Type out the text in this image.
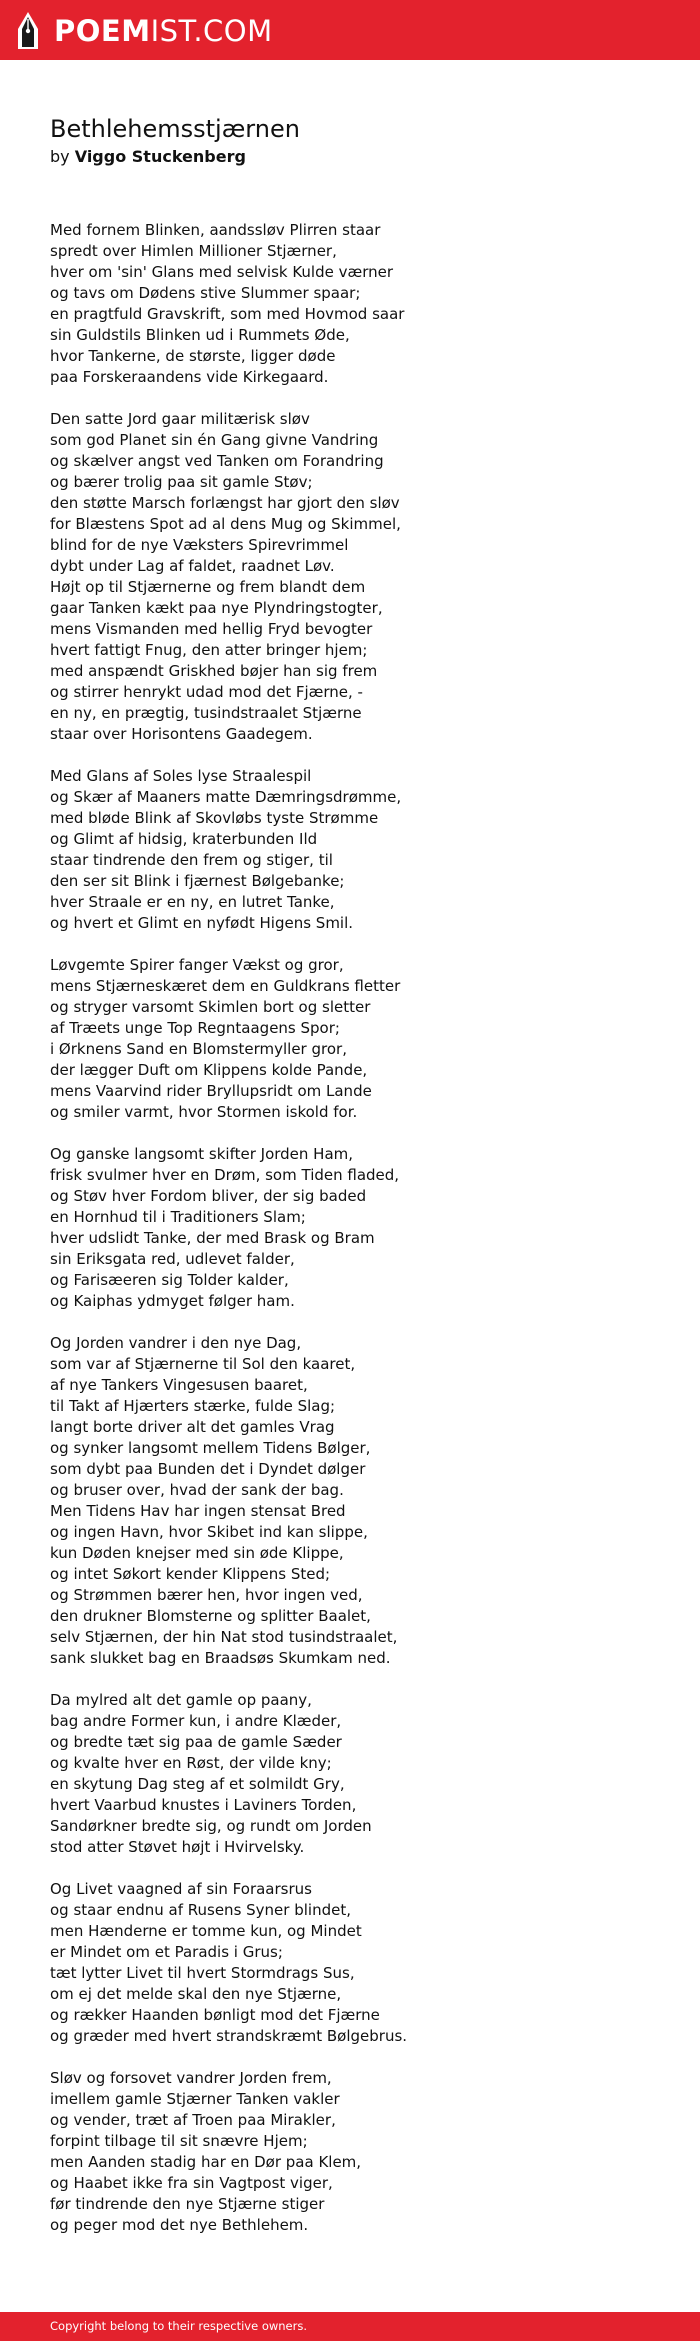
POEMIST.COM
Bethlehemsstjærnen
by Viggo Stuckenberg
Med fornem Blinken, aandssløv Plirren staar
spredt over Himlen Millioner Stjærner,
hver om 'sin' Glans med selvisk Kulde værner
og tavs om Dødens stive Slummer spaar;
en pragtfuld Gravskrift, som med Hovmod saar
sin Guldstils Blinken ud i Rummets Øde,
hvor Tankerne, de største, ligger døde
paa Forskeraandens vide Kirkegaard.
Den satte Jord gaar militærisk sløv
som god Planet sin én Gang givne Vandring
og skælver angst ved Tanken om Forandring
og bærer trolig paa sit gamle Støv;
den støtte Marsch forlængst har gjort den sløv
for Blæstens Spot ad al dens Mug og Skimmel,
blind for de nye Væksters Spirevrimmel
dybt under Lag af faldet, raadnet Løv.
Højt op til Stjærnerne og frem blandt dem
gaar Tanken kækt paa nye Plyndringstogter,
mens Vismanden med hellig Fryd bevogter
hvert fattigt Fnug, den atter bringer hjem;
med anspændt Griskhed bøjer han sig frem
og stirrer henrykt udad mod det Fjærne, -
en ny, en prægtig, tusindstraalet Stjærne
staar over Horisontens Gaadegem.
Med Glans af Soles lyse Straalespil
og Skær af Maaners matte Dæmringsdrømme,
med bløde Blink af Skovløbs tyste Strømme
og Glimt af hidsig, kraterbunden Ild
staar tindrende den frem og stiger, til
den ser sit Blink i fjærnest Bølgebanke;
hver Straale er en ny, en lutret Tanke,
og hvert et Glimt en nyfødt Higens Smil.
Løvgemte Spirer fanger Vækst og gror,
mens Stjærneskæret dem en Guldkrans fletter
og stryger varsomt Skimlen bort og sletter
af Træets unge Top Regntaagens Spor;
i Ørknens Sand en Blomstermyller gror,
der lægger Duft om Klippens kolde Pande,
mens Vaarvind rider Bryllupsridt om Lande
og smiler varmt, hvor Stormen iskold for.
Og ganske langsomt skifter Jorden Ham,
frisk svulmer hver en Drøm, som Tiden fladed,
og Støv hver Fordom bliver, der sig baded
en Hornhud til i Traditioners Slam;
hver udslidt Tanke, der med Brask og Bram
sin Eriksgata red, udlevet falder,
og Farisæeren sig Tolder kalder,
og Kaiphas ydmyget følger ham.
Og Jorden vandrer i den nye Dag,
som var af Stjærnerne til Sol den kaaret,
af nye Tankers Vingesusen baaret,
til Takt af Hjærters stærke, fulde Slag;
langt borte driver alt det gamles Vrag
og synker langsomt mellem Tidens Bølger,
som dybt paa Bunden det i Dyndet dølger
og bruser over, hvad der sank der bag.
Men Tidens Hav har ingen stensat Bred
og ingen Havn, hvor Skibet ind kan slippe,
kun Døden knejser med sin øde Klippe,
og intet Søkort kender Klippens Sted;
og Strømmen bærer hen, hvor ingen ved,
den drukner Blomsterne og splitter Baalet,
selv Stjærnen, der hin Nat stod tusindstraalet,
sank slukket bag en Braadsøs Skumkam ned.
Da mylred alt det gamle op paany,
bag andre Former kun, i andre Klæder,
og bredte tæt sig paa de gamle Sæder
og kvalte hver en Røst, der vilde kny;
en skytung Dag steg af et solmildt Gry,
hvert Vaarbud knustes i Laviners Torden,
Sandørkner bredte sig, og rundt om Jorden
stod atter Støvet højt i Hvirvelsky.
Og Livet vaagned af sin Foraarsrus
og staar endnu af Rusens Syner blindet,
men Hænderne er tomme kun, og Mindet
er Mindet om et Paradis i Grus;
tæt lytter Livet til hvert Stormdrags Sus,
om ej det melde skal den nye Stjærne,
og rækker Haanden bønligt mod det Fjærne
og græder med hvert strandskræmt Bølgebrus.
Sløv og forsovet vandrer Jorden frem,
imellem gamle Stjærner Tanken vakler
og vender, træt af Troen paa Mirakler,
forpint tilbage til sit snævre Hjem;
men Aanden stadig har en Dør paa Klem,
og Haabet ikke fra sin Vagtpost viger,
før tindrende den nye Stjærne stiger
og peger mod det nye Bethlehem.
Copyright belong to their respective owners.
